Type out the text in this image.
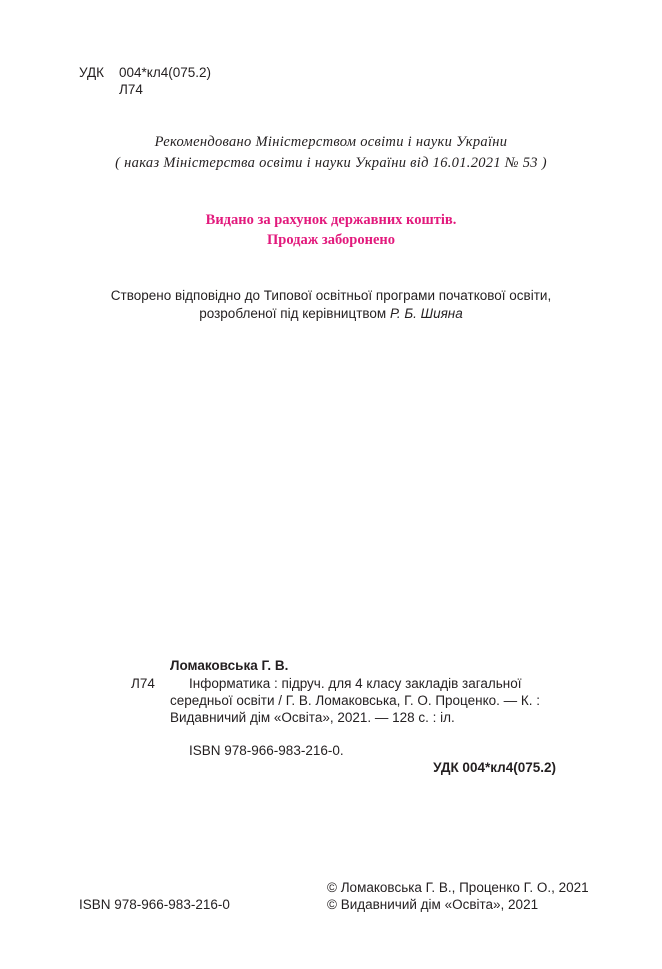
УДК 004*кл4(075.2)
Л74
Рекомендовано Міністерством освіти і науки України
( наказ Міністерства освіти і науки України від 16.01.2021 № 53 )
Видано за рахунок державних коштів.
Продаж заборонено
Створено відповідно до Типової освітньої програми початкової освіти,
розробленої під керівництвом Р. Б. Шияна
Ломаковська Г. В.
Л74	Інформатика : підруч. для 4 класу закладів загальної
середньої освіти / Г. В. Ломаковська, Г. О. Проценко. — К. :
Видавничий дім «Освіта», 2021. — 128 с. : іл.
ISBN 978-966-983-216-0.
УДК 004*кл4(075.2)
© Ломаковська Г. В., Проценко Г. О., 2021
ISBN 978-966-983-216-0	© Видавничий дім «Освіта», 2021
